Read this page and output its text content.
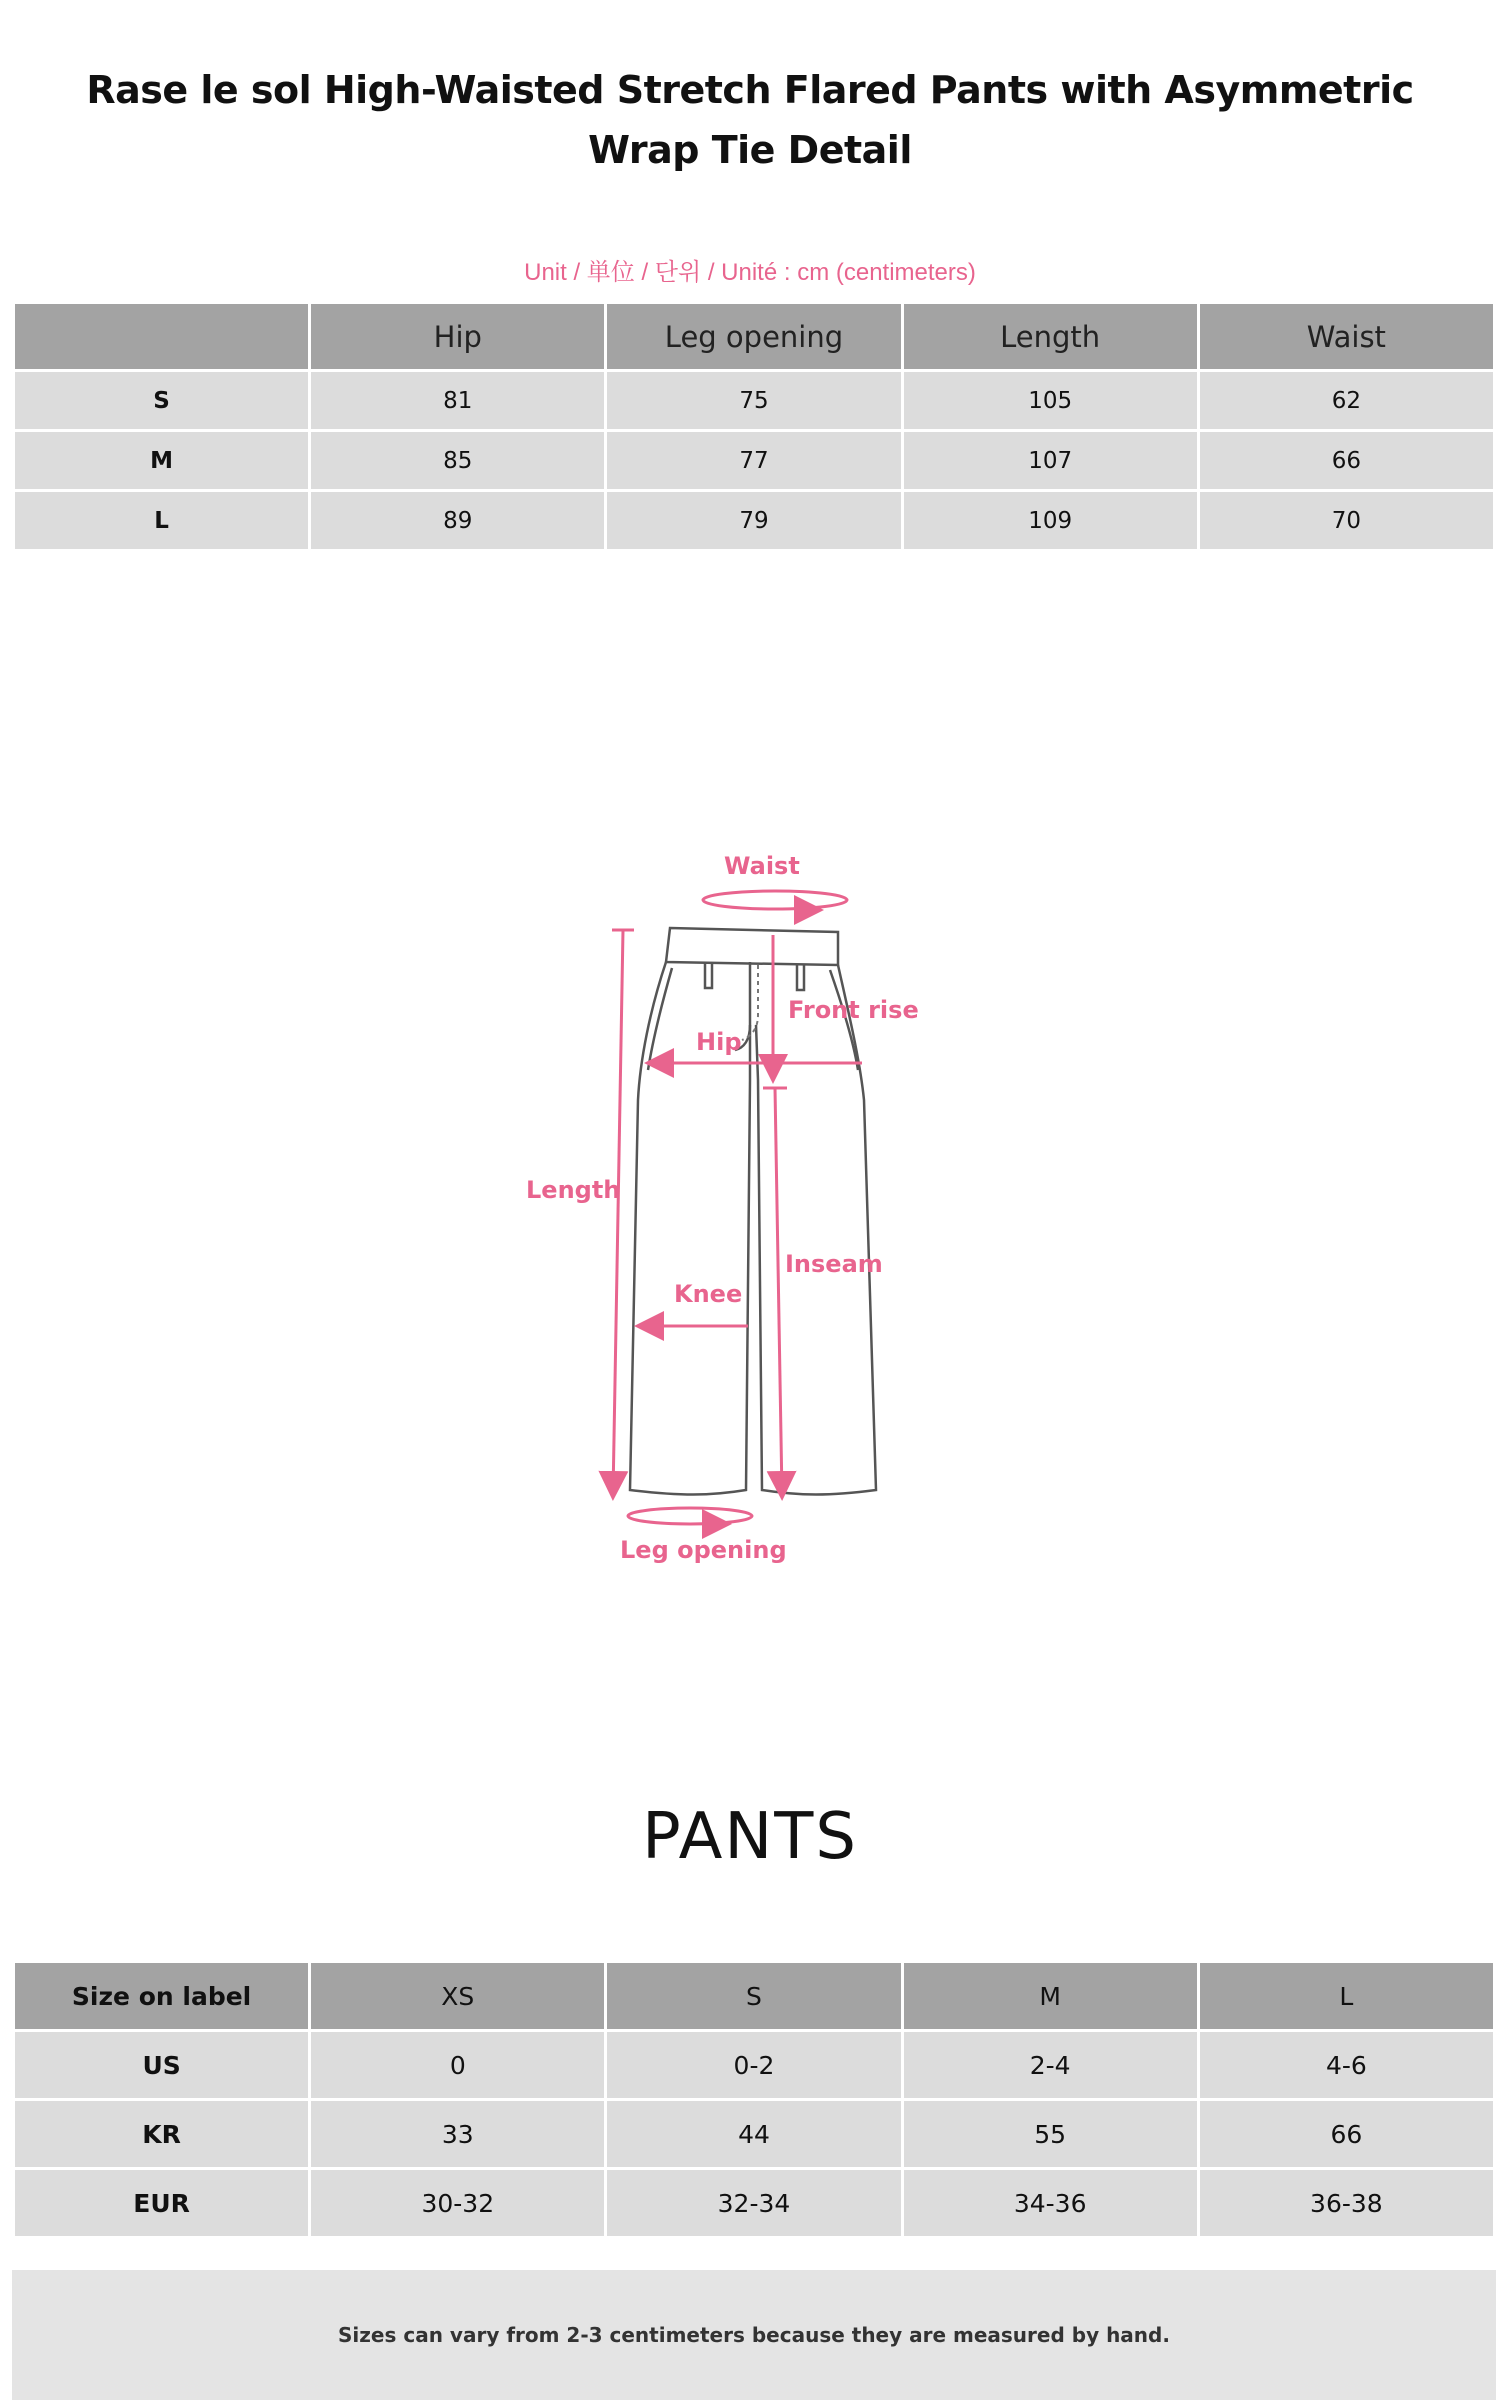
Rase le sol High-Waisted Stretch Flared Pants with Asymmetric Wrap Tie Detail
Unit / 単位 / 단위 / Unité : cm (centimeters)
	Hip	Leg opening	Length	Waist
S	81	75	105	62
M	85	77	107	66
L	89	79	109	70
Waist
Length
Hip
Front rise
Inseam
Knee
Leg opening
PANTS
Size on label	XS	S	M	L
US	0	0-2	2-4	4-6
KR	33	44	55	66
EUR	30-32	32-34	34-36	36-38
Sizes can vary from 2-3 centimeters because they are measured by hand.
